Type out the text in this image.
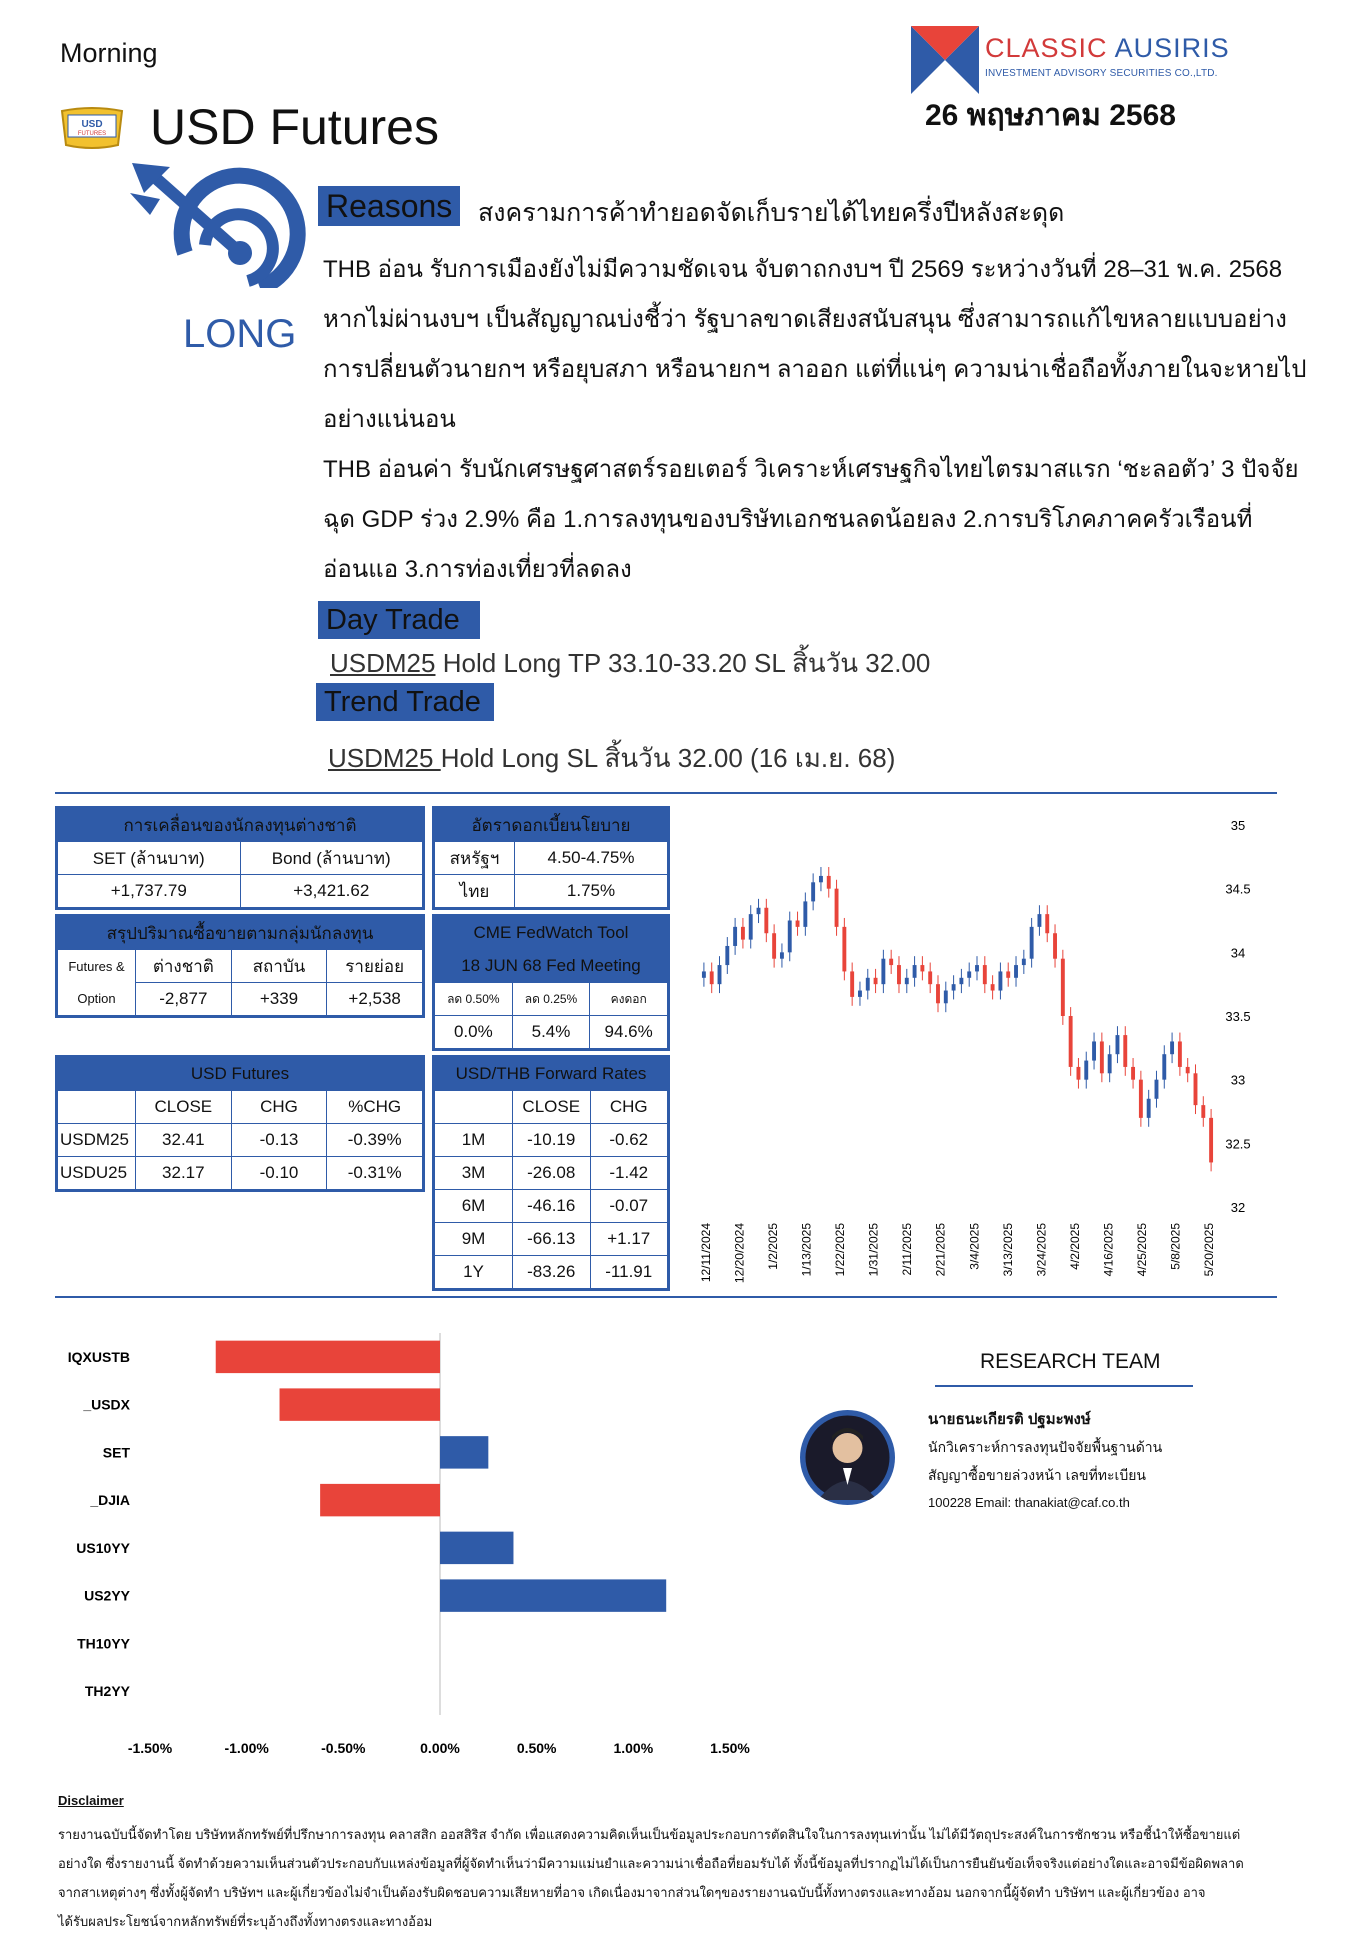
Morning
USD
FUTURES USD Futures
CLASSIC AUSIRIS
INVESTMENT ADVISORY SECURITIES CO.,LTD.
26 พฤษภาคม 2568
LONG
Reasons	สงครามการค้าทำยอดจัดเก็บรายได้ไทยครึ่งปีหลังสะดุด

THB อ่อน รับการเมืองยังไม่มีความชัดเจน จับตาถกงบฯ ปี 2569 ระหว่างวันที่ 28–31 พ.ค. 2568

หากไม่ผ่านงบฯ เป็นสัญญาณบ่งชี้ว่า รัฐบาลขาดเสียงสนับสนุน ซึ่งสามารถแก้ไขหลายแบบอย่าง

การปลี่ยนตัวนายกฯ หรือยุบสภา หรือนายกฯ ลาออก แต่ที่แน่ๆ ความน่าเชื่อถือทั้งภายในจะหายไป

อย่างแน่นอน

THB อ่อนค่า รับนักเศรษฐศาสตร์รอยเตอร์ วิเคราะห์เศรษฐกิจไทยไตรมาสแรก ‘ชะลอตัว’ 3 ปัจจัย

ฉุด GDP ร่วง 2.9% คือ 1.การลงทุนของบริษัทเอกชนลดน้อยลง 2.การบริโภคภาคครัวเรือนที่

อ่อนแอ 3.การท่องเที่ยวที่ลดลง

Day Trade
USDM25 Hold Long TP 33.10-33.20 SL สิ้นวัน 32.00
Trend Trade
USDM25 Hold Long SL สิ้นวัน 32.00 (16 เม.ย. 68)
การเคลื่อนของนักลงทุนต่างชาติ	
SET (ล้านบาท)	Bond (ล้านบาท)
+1,737.79	+3,421.62
อัตราดอกเบี้ยนโยบาย	
สหรัฐฯ	4.50-4.75%
ไทย	1.75%
สรุปปริมาณซื้อขายตามกลุ่มนักลงทุน			
Futures &	ต่างชาติ	สถาบัน	รายย่อย
Option	-2,877	+339	+2,538
CME FedWatch Tool		
18 JUN 68 Fed Meeting		
ลด 0.50%	ลด 0.25%	คงดอก
0.0%	5.4%	94.6%
USD Futures			
	CLOSE	CHG	%CHG
USDM25	32.41	-0.13	-0.39%
USDU25	32.17	-0.10	-0.31%
USD/THB Forward Rates		
	CLOSE	CHG
1M	-10.19	-0.62
3M	-26.08	-1.42
6M	-46.16	-0.07
9M	-66.13	+1.17
1Y	-83.26	-11.91
35
34.5
34
33.5
33
32.5
32
12/11/2024 12/20/2024 1/2/2025 1/13/2025 1/22/2025 1/31/2025 2/11/2025 2/21/2025 3/4/2025 3/13/2025 3/24/2025 4/2/2025 4/16/2025 4/25/2025 5/8/2025 5/20/2025
IQXUSTB
_USDX
SET
_DJIA
US10YY
US2YY
TH10YY
TH2YY
-1.50%	-1.00%	-0.50%	0.00%	0.50%	1.00%	1.50%
RESEARCH TEAM
นายธนะเกียรติ ปฐมะพงษ์
นักวิเคราะห์การลงทุนปัจจัยพื้นฐานด้าน
สัญญาซื้อขายล่วงหน้า เลขที่ทะเบียน
100228 Email: thanakiat@caf.co.th
Disclaimer
รายงานฉบับนี้จัดทำโดย บริษัทหลักทรัพย์ที่ปรึกษาการลงทุน คลาสสิก ออสสิริส จำกัด เพื่อแสดงความคิดเห็นเป็นข้อมูลประกอบการตัดสินใจในการลงทุนเท่านั้น ไม่ได้มีวัตถุประสงค์ในการชักชวน หรือชี้นำให้ซื้อขายแต่
อย่างใด ซึ่งรายงานนี้ จัดทำด้วยความเห็นส่วนตัวประกอบกับแหล่งข้อมูลที่ผู้จัดทำเห็นว่ามีความแม่นยำและความน่าเชื่อถือที่ยอมรับได้ ทั้งนี้ข้อมูลที่ปรากฏไม่ได้เป็นการยืนยันข้อเท็จจริงแต่อย่างใดและอาจมีข้อผิดพลาด
จากสาเหตุต่างๆ ซึ่งทั้งผู้จัดทำ บริษัทฯ และผู้เกี่ยวข้องไม่จำเป็นต้องรับผิดชอบความเสียหายที่อาจ เกิดเนื่องมาจากส่วนใดๆของรายงานฉบับนี้ทั้งทางตรงและทางอ้อม นอกจากนี้ผู้จัดทำ บริษัทฯ และผู้เกี่ยวข้อง อาจ
ได้รับผลประโยชน์จากหลักทรัพย์ที่ระบุอ้างถึงทั้งทางตรงและทางอ้อม
